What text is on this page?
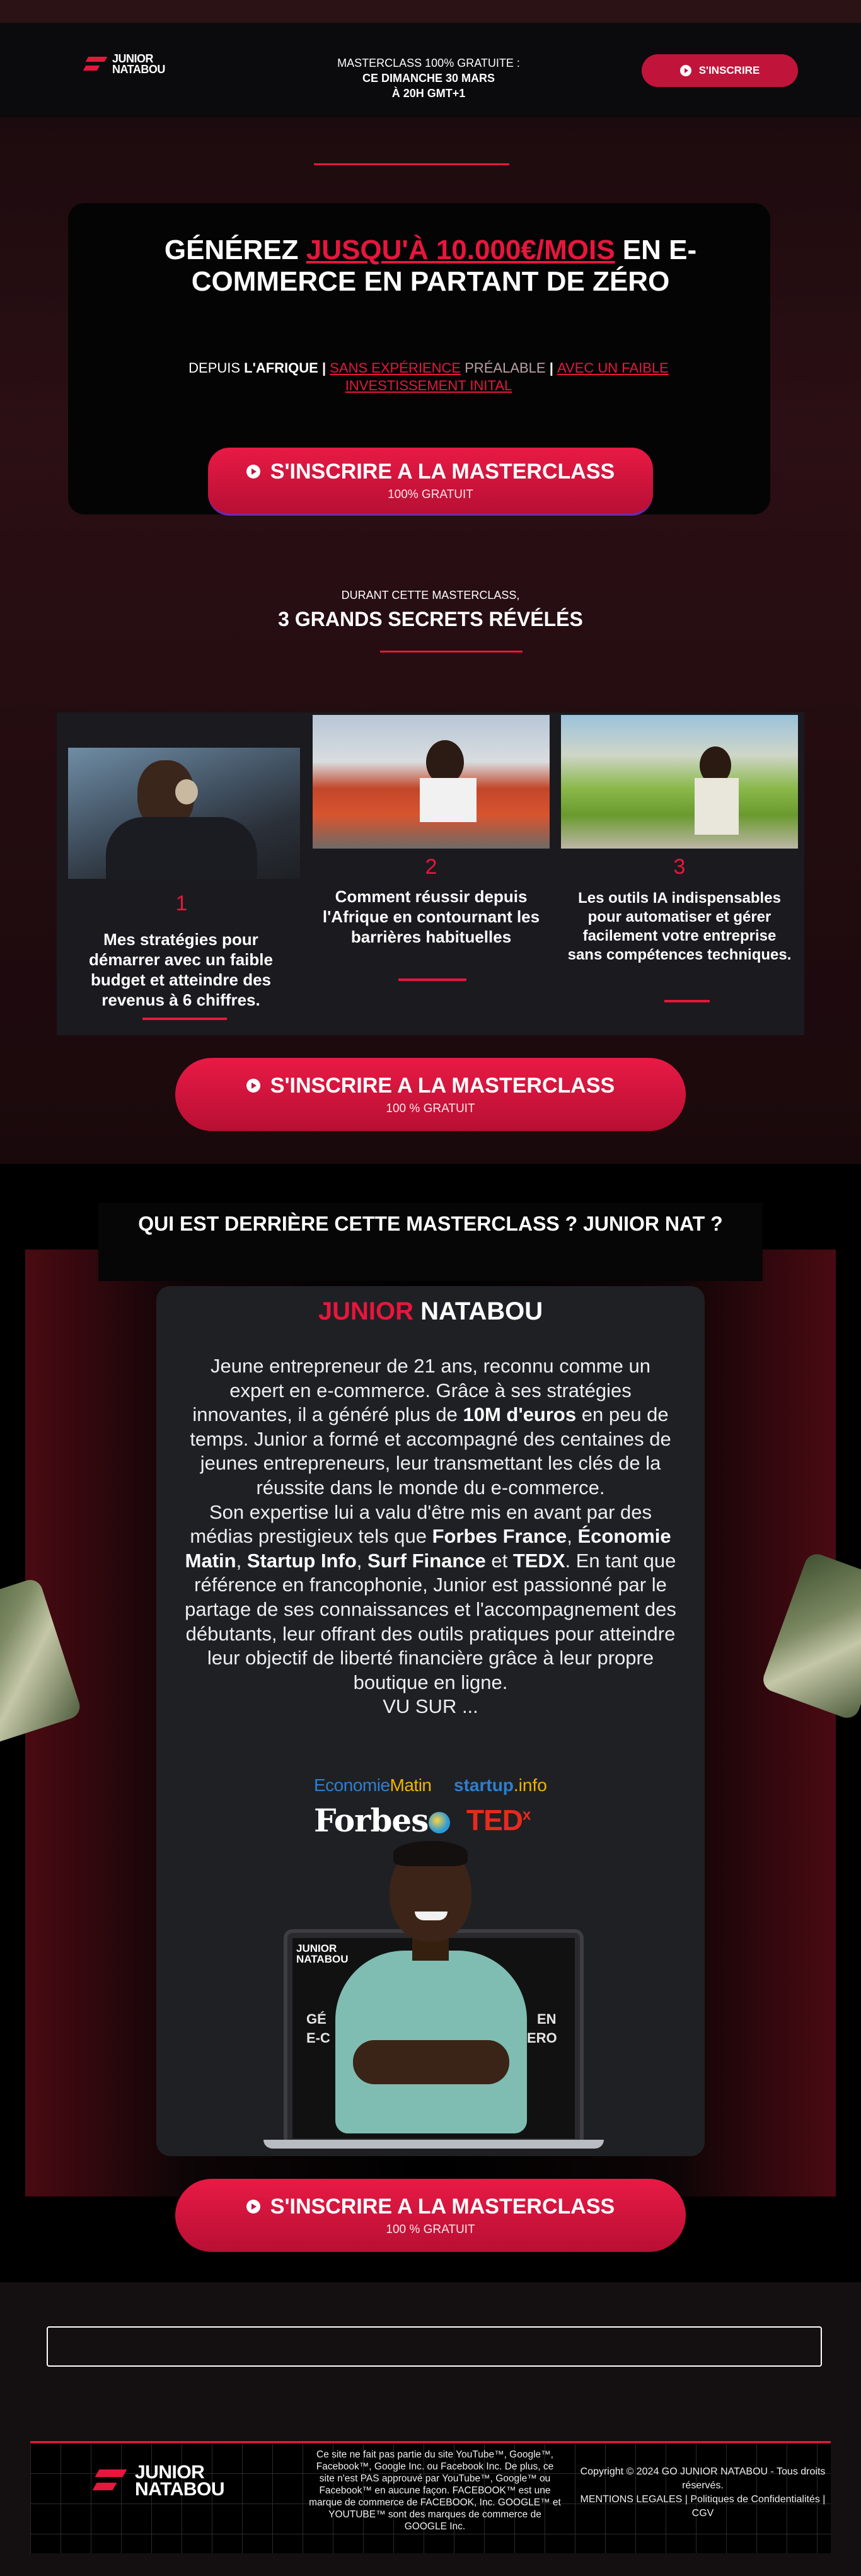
JUNIOR
NATABOU	MASTERCLASS 100% GRATUITE :
CE DIMANCHE 30 MARS
À 20H GMT+1
S'INSCRIRE
GÉNÉREZ JUSQU'À 10.000€/MOIS EN E-COMMERCE EN PARTANT DE ZÉRO
DEPUIS L'AFRIQUE | SANS EXPÉRIENCE PRÉALABLE | AVEC UN FAIBLE INVESTISSEMENT INITAL
S'INSCRIRE A LA MASTERCLASS
100% GRATUIT
DURANT CETTE MASTERCLASS,
3 GRANDS SECRETS RÉVÉLÉS
1
Mes stratégies pour démarrer avec un faible budget et atteindre des revenus à 6 chiffres.
2
Comment réussir depuis l'Afrique en contournant les barrières habituelles
3
Les outils IA indispensables pour automatiser et gérer facilement votre entreprise sans compétences techniques.
S'INSCRIRE A LA MASTERCLASS
100 % GRATUIT
QUI EST DERRIÈRE CETTE MASTERCLASS ? JUNIOR NAT ?
JUNIOR NATABOU
Jeune entrepreneur de 21 ans, reconnu comme un expert en e-commerce. Grâce à ses stratégies innovantes, il a généré plus de 10M d'euros en peu de temps. Junior a formé et accompagné des centaines de jeunes entrepreneurs, leur transmettant les clés de la réussite dans le monde du e-commerce.
Son expertise lui a valu d'être mis en avant par des médias prestigieux tels que Forbes France, Économie Matin, Startup Info, Surf Finance et TEDX. En tant que référence en francophonie, Junior est passionné par le partage de ses connaissances et l'accompagnement des débutants, leur offrant des outils pratiques pour atteindre leur objectif de liberté financière grâce à leur propre boutique en ligne.
VU SUR ...
EconomieMatin startup.info
Forbes TED$^x$
JUNIOR
NATABOU
GÉ
E-C
EN
ERO
S'INSCRIRE A LA MASTERCLASS
100 % GRATUIT
JUNIOR
NATABOU
Ce site ne fait pas partie du site YouTube™, Google™, Facebook™, Google Inc. ou Facebook Inc. De plus, ce site n'est PAS approuvé par YouTube™, Google™ ou Facebook™ en aucune façon. FACEBOOK™ est une marque de commerce de FACEBOOK, Inc. GOOGLE™ et YOUTUBE™ sont des marques de commerce de GOOGLE Inc.
Copyright © 2024 GO JUNIOR NATABOU - Tous droits réservés.
MENTIONS LEGALES | Politiques de Confidentialités | CGV
